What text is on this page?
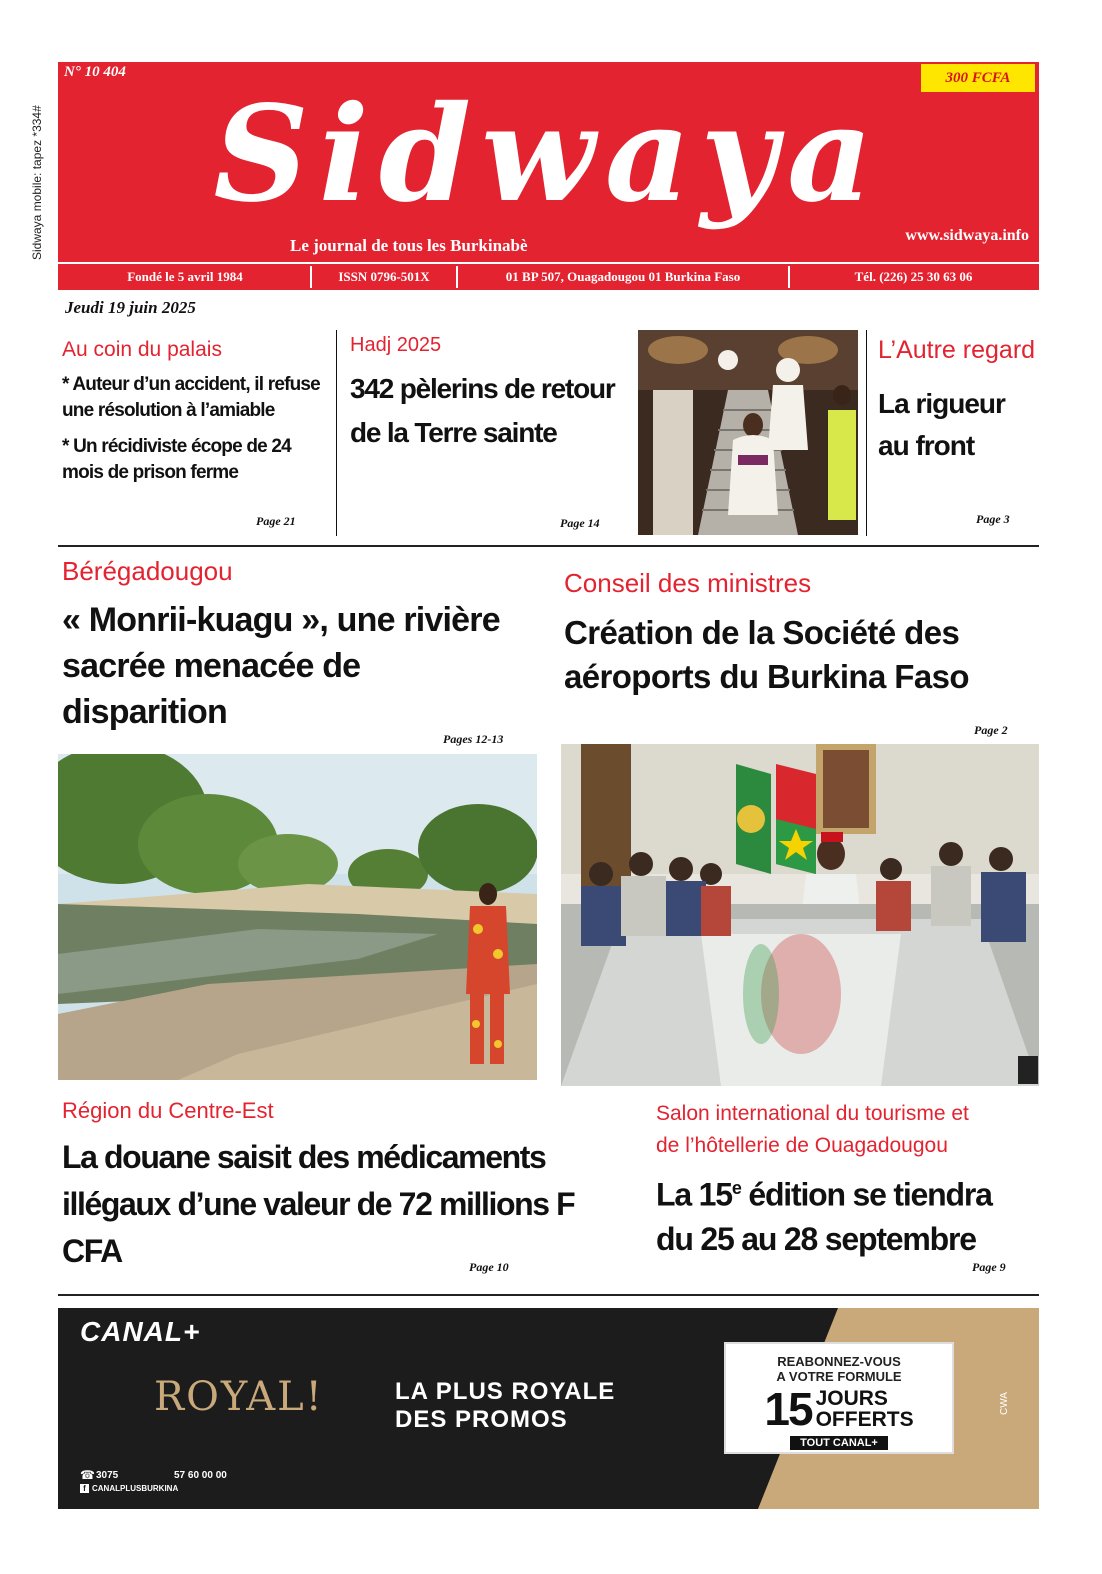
Sidwaya mobile: tapez *334#
N° 10 404	300 FCFA
Sidwaya
Le journal de tous les Burkinabè
www.sidwaya.info
Fondé le 5 avril 1984	ISSN 0796-501X	01 BP 507, Ouagadougou 01 Burkina Faso	Tél. (226) 25 30 63 06
Jeudi 19 juin 2025
Au coin du palais
* Auteur d’un accident, il refuse une résolution à l’amiable
* Un récidiviste écope de 24 mois de prison ferme
Page 21
Hadj 2025
342 pèlerins de retour de la Terre sainte
Page 14
L’Autre regard
La rigueur au front
Page 3
Bérégadougou
« Monrii-kuagu », une rivière sacrée menacée de disparition
Pages 12-13
Conseil des ministres
Création de la Société des aéroports du Burkina Faso
Page 2
Région du Centre-Est
La douane saisit des médicaments illégaux d’une valeur de 72 millions F CFA	Page 10
Salon international du tourisme et
de l’hôtellerie de Ouagadougou
La 15e édition se tiendra
du 25 au 28 septembre
Page 9
CANAL+
ROYAL!	LA PLUS ROYALE
DES PROMOS
REABONNEZ-VOUS
A VOTRE FORMULE
15 JOURS
OFFERTS
TOUT CANAL+
CWA
☎ 3075	57 60 00 00
f CANALPLUSBURKINA
